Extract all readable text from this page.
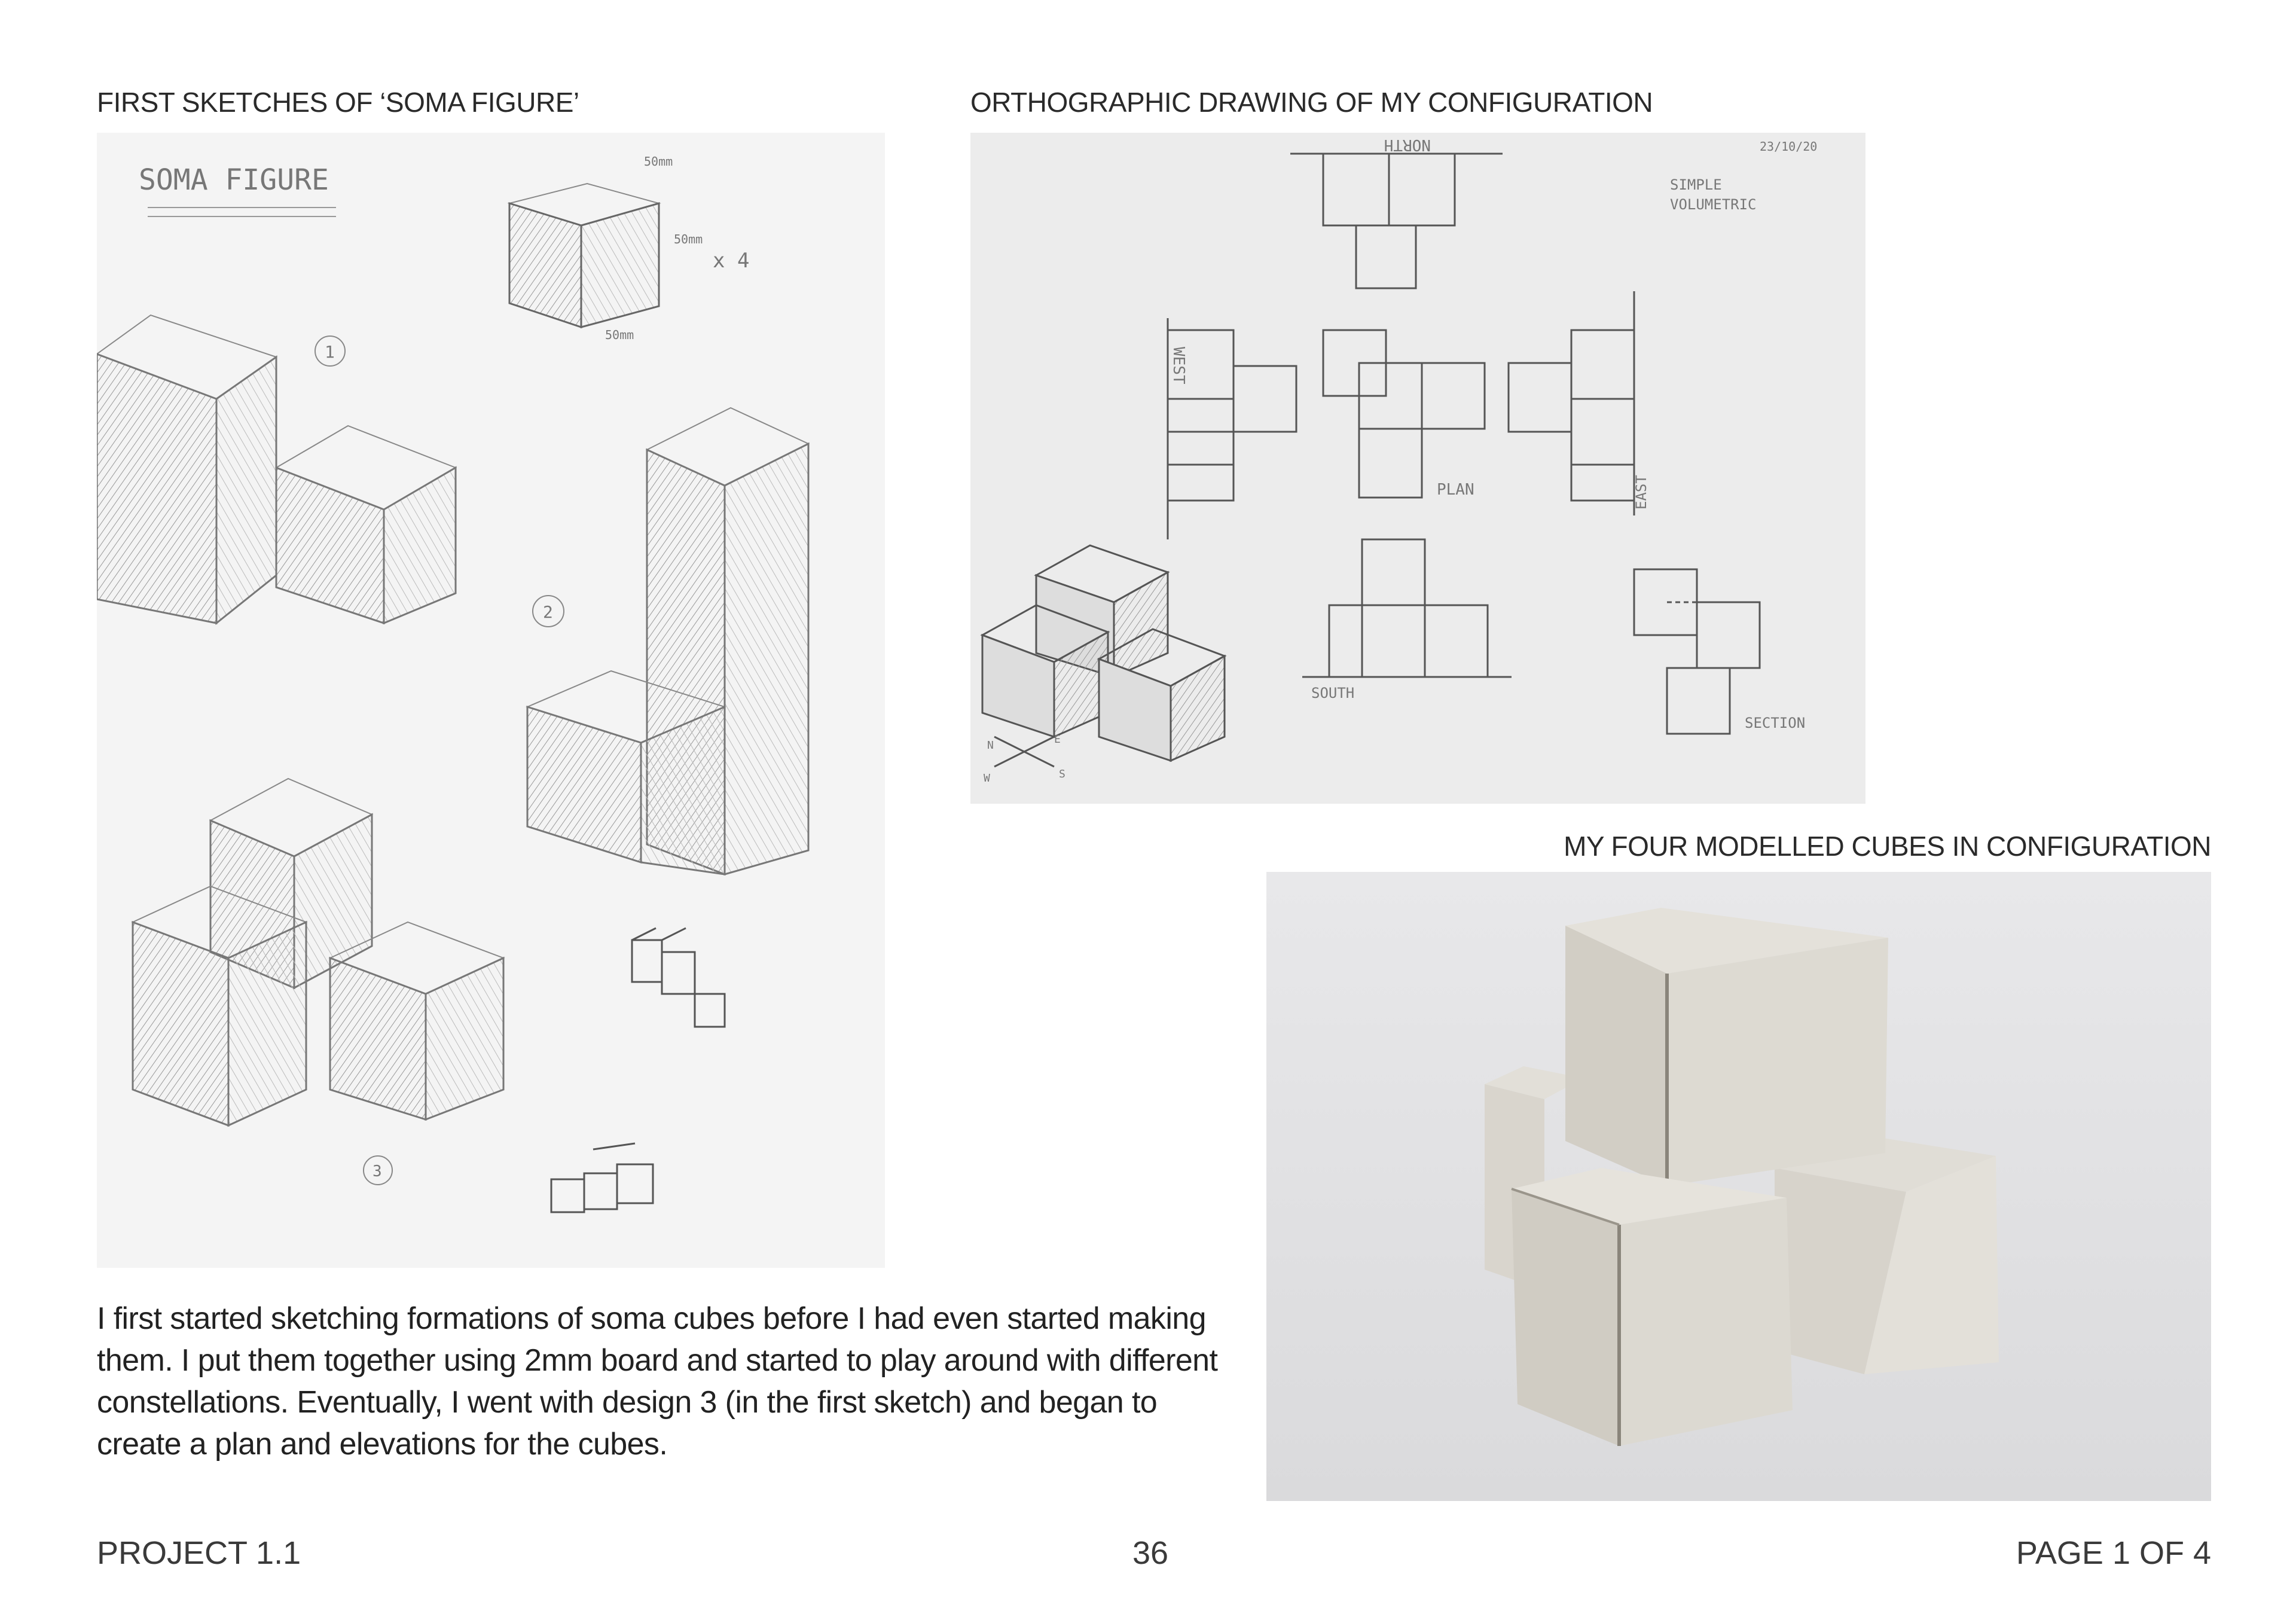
FIRST SKETCHES OF ‘SOMA FIGURE’	ORTHOGRAPHIC DRAWING OF MY CONFIGURATION
MY FOUR MODELLED CUBES IN CONFIGURATION
SOMA FIGURE
50mm
50mm
50mm
x 4
1
2
3
NORTH	23/10/20
SIMPLE
VOLUMETRIC
WEST
PLAN	EAST
SOUTH
SECTION
N	E
S
W

I first started sketching formations of soma cubes before I had even started making them. I put them together using 2mm board and started to play around with different constellations. Eventually, I went with design 3 (in the first sketch) and began to create a plan and elevations for the cubes.

PROJECT 1.1	36	PAGE 1 OF 4
